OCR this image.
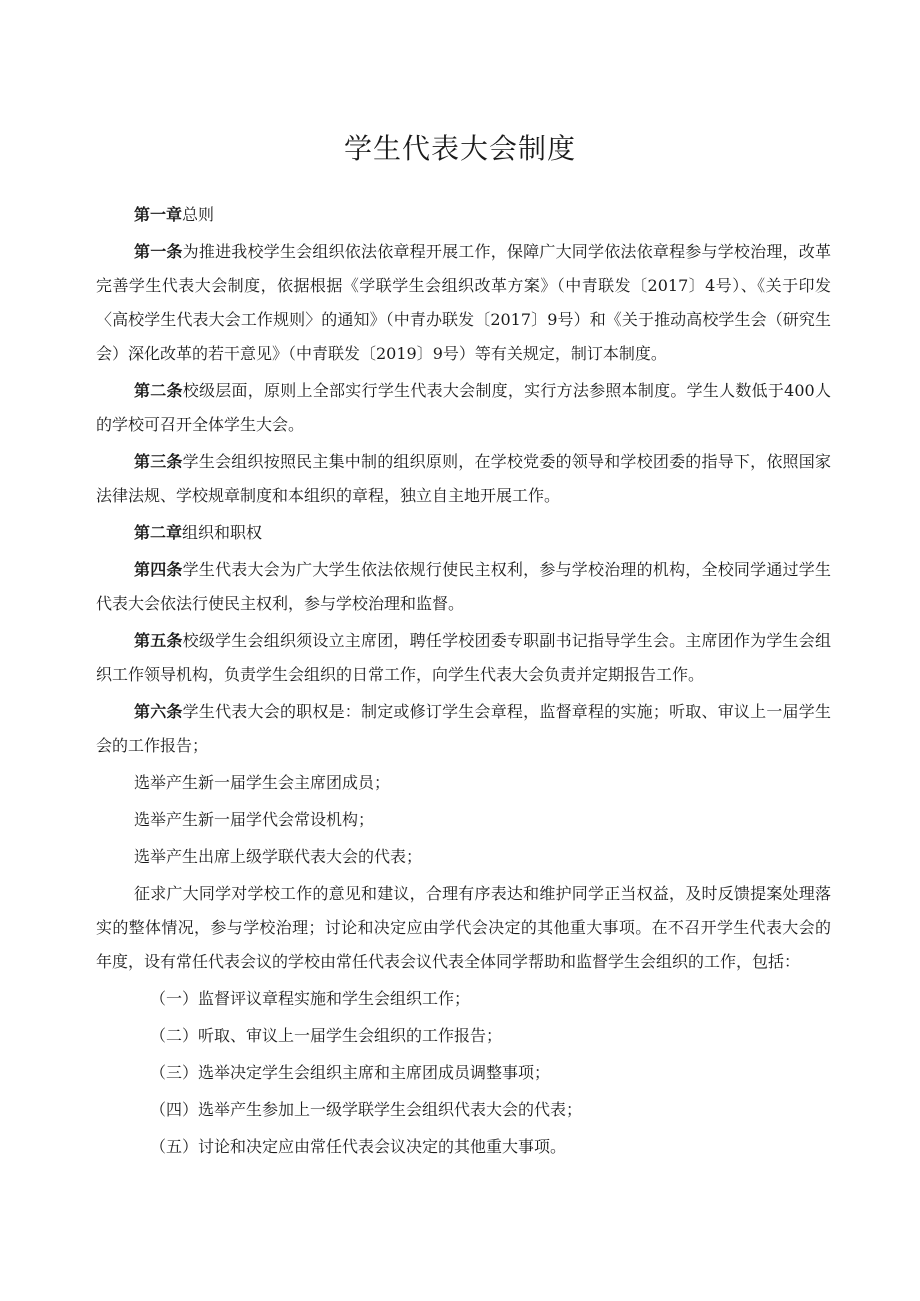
学生代表大会制度

第一章总则

第一条为推进我校学生会组织依法依章程开展工作，保障广大同学依法依章程参与学校治理，改革完善学生代表大会制度，依据根据《学联学生会组织改革方案》（中青联发〔2017〕4号）、《关于印发〈高校学生代表大会工作规则〉的通知》（中青办联发〔2017〕9号）和《关于推动高校学生会（研究生会）深化改革的若干意见》（中青联发〔2019〕9号）等有关规定，制订本制度。

第二条校级层面，原则上全部实行学生代表大会制度，实行方法参照本制度。学生人数低于400人的学校可召开全体学生大会。

第三条学生会组织按照民主集中制的组织原则，在学校党委的领导和学校团委的指导下，依照国家法律法规、学校规章制度和本组织的章程，独立自主地开展工作。

第二章组织和职权

第四条学生代表大会为广大学生依法依规行使民主权利，参与学校治理的机构，全校同学通过学生代表大会依法行使民主权利，参与学校治理和监督。

第五条校级学生会组织须设立主席团，聘任学校团委专职副书记指导学生会。主席团作为学生会组织工作领导机构，负责学生会组织的日常工作，向学生代表大会负责并定期报告工作。

第六条学生代表大会的职权是：制定或修订学生会章程，监督章程的实施；听取、审议上一届学生会的工作报告；

选举产生新一届学生会主席团成员；

选举产生新一届学代会常设机构；

选举产生出席上级学联代表大会的代表；

征求广大同学对学校工作的意见和建议，合理有序表达和维护同学正当权益，及时反馈提案处理落实的整体情况，参与学校治理；讨论和决定应由学代会决定的其他重大事项。在不召开学生代表大会的年度，设有常任代表会议的学校由常任代表会议代表全体同学帮助和监督学生会组织的工作，包括：

（一）监督评议章程实施和学生会组织工作；

（二）听取、审议上一届学生会组织的工作报告；

（三）选举决定学生会组织主席和主席团成员调整事项；

（四）选举产生参加上一级学联学生会组织代表大会的代表；

（五）讨论和决定应由常任代表会议决定的其他重大事项。
